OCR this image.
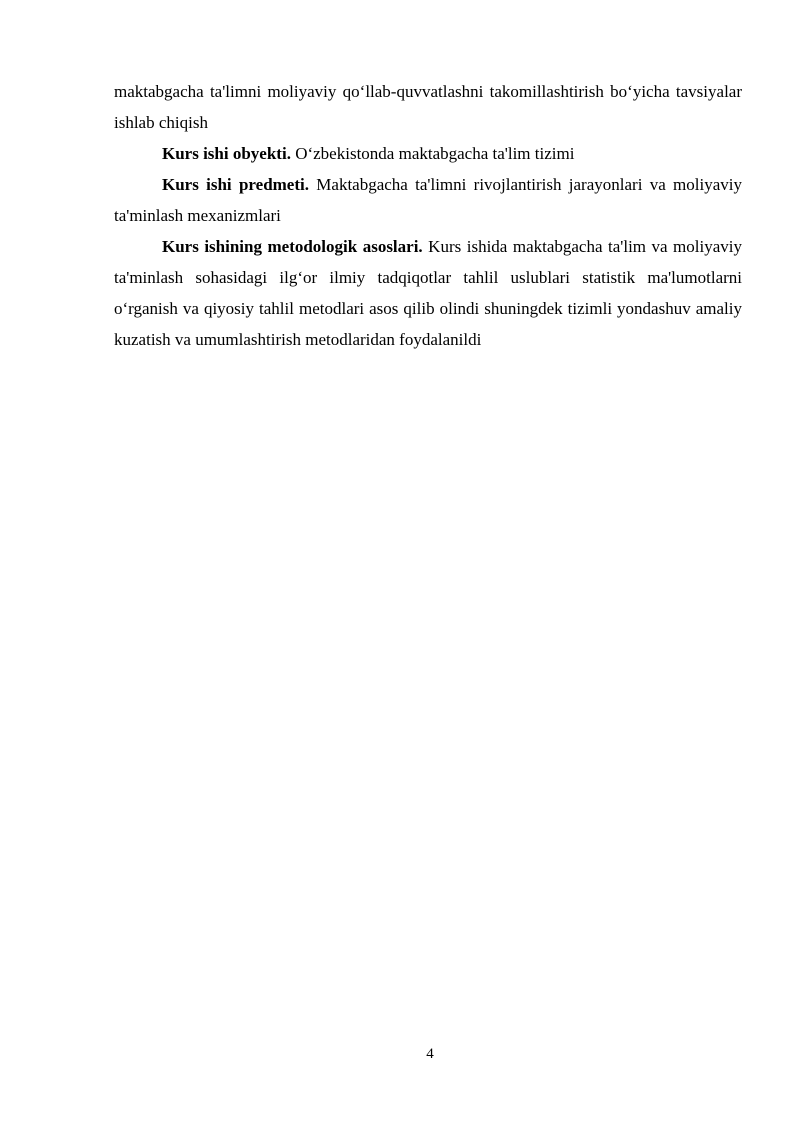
maktabgacha ta'limni moliyaviy qo‘llab-quvvatlashni takomillashtirish bo‘yicha tavsiyalar ishlab chiqish

Kurs ishi obyekti. O‘zbekistonda maktabgacha ta'lim tizimi

Kurs ishi predmeti. Maktabgacha ta'limni rivojlantirish jarayonlari va moliyaviy ta'minlash mexanizmlari

Kurs ishining metodologik asoslari. Kurs ishida maktabgacha ta'lim va moliyaviy ta'minlash sohasidagi ilg‘or ilmiy tadqiqotlar tahlil uslublari statistik ma'lumotlarni o‘rganish va qiyosiy tahlil metodlari asos qilib olindi shuningdek tizimli yondashuv amaliy kuzatish va umumlashtirish metodlaridan foydalanildi

4
